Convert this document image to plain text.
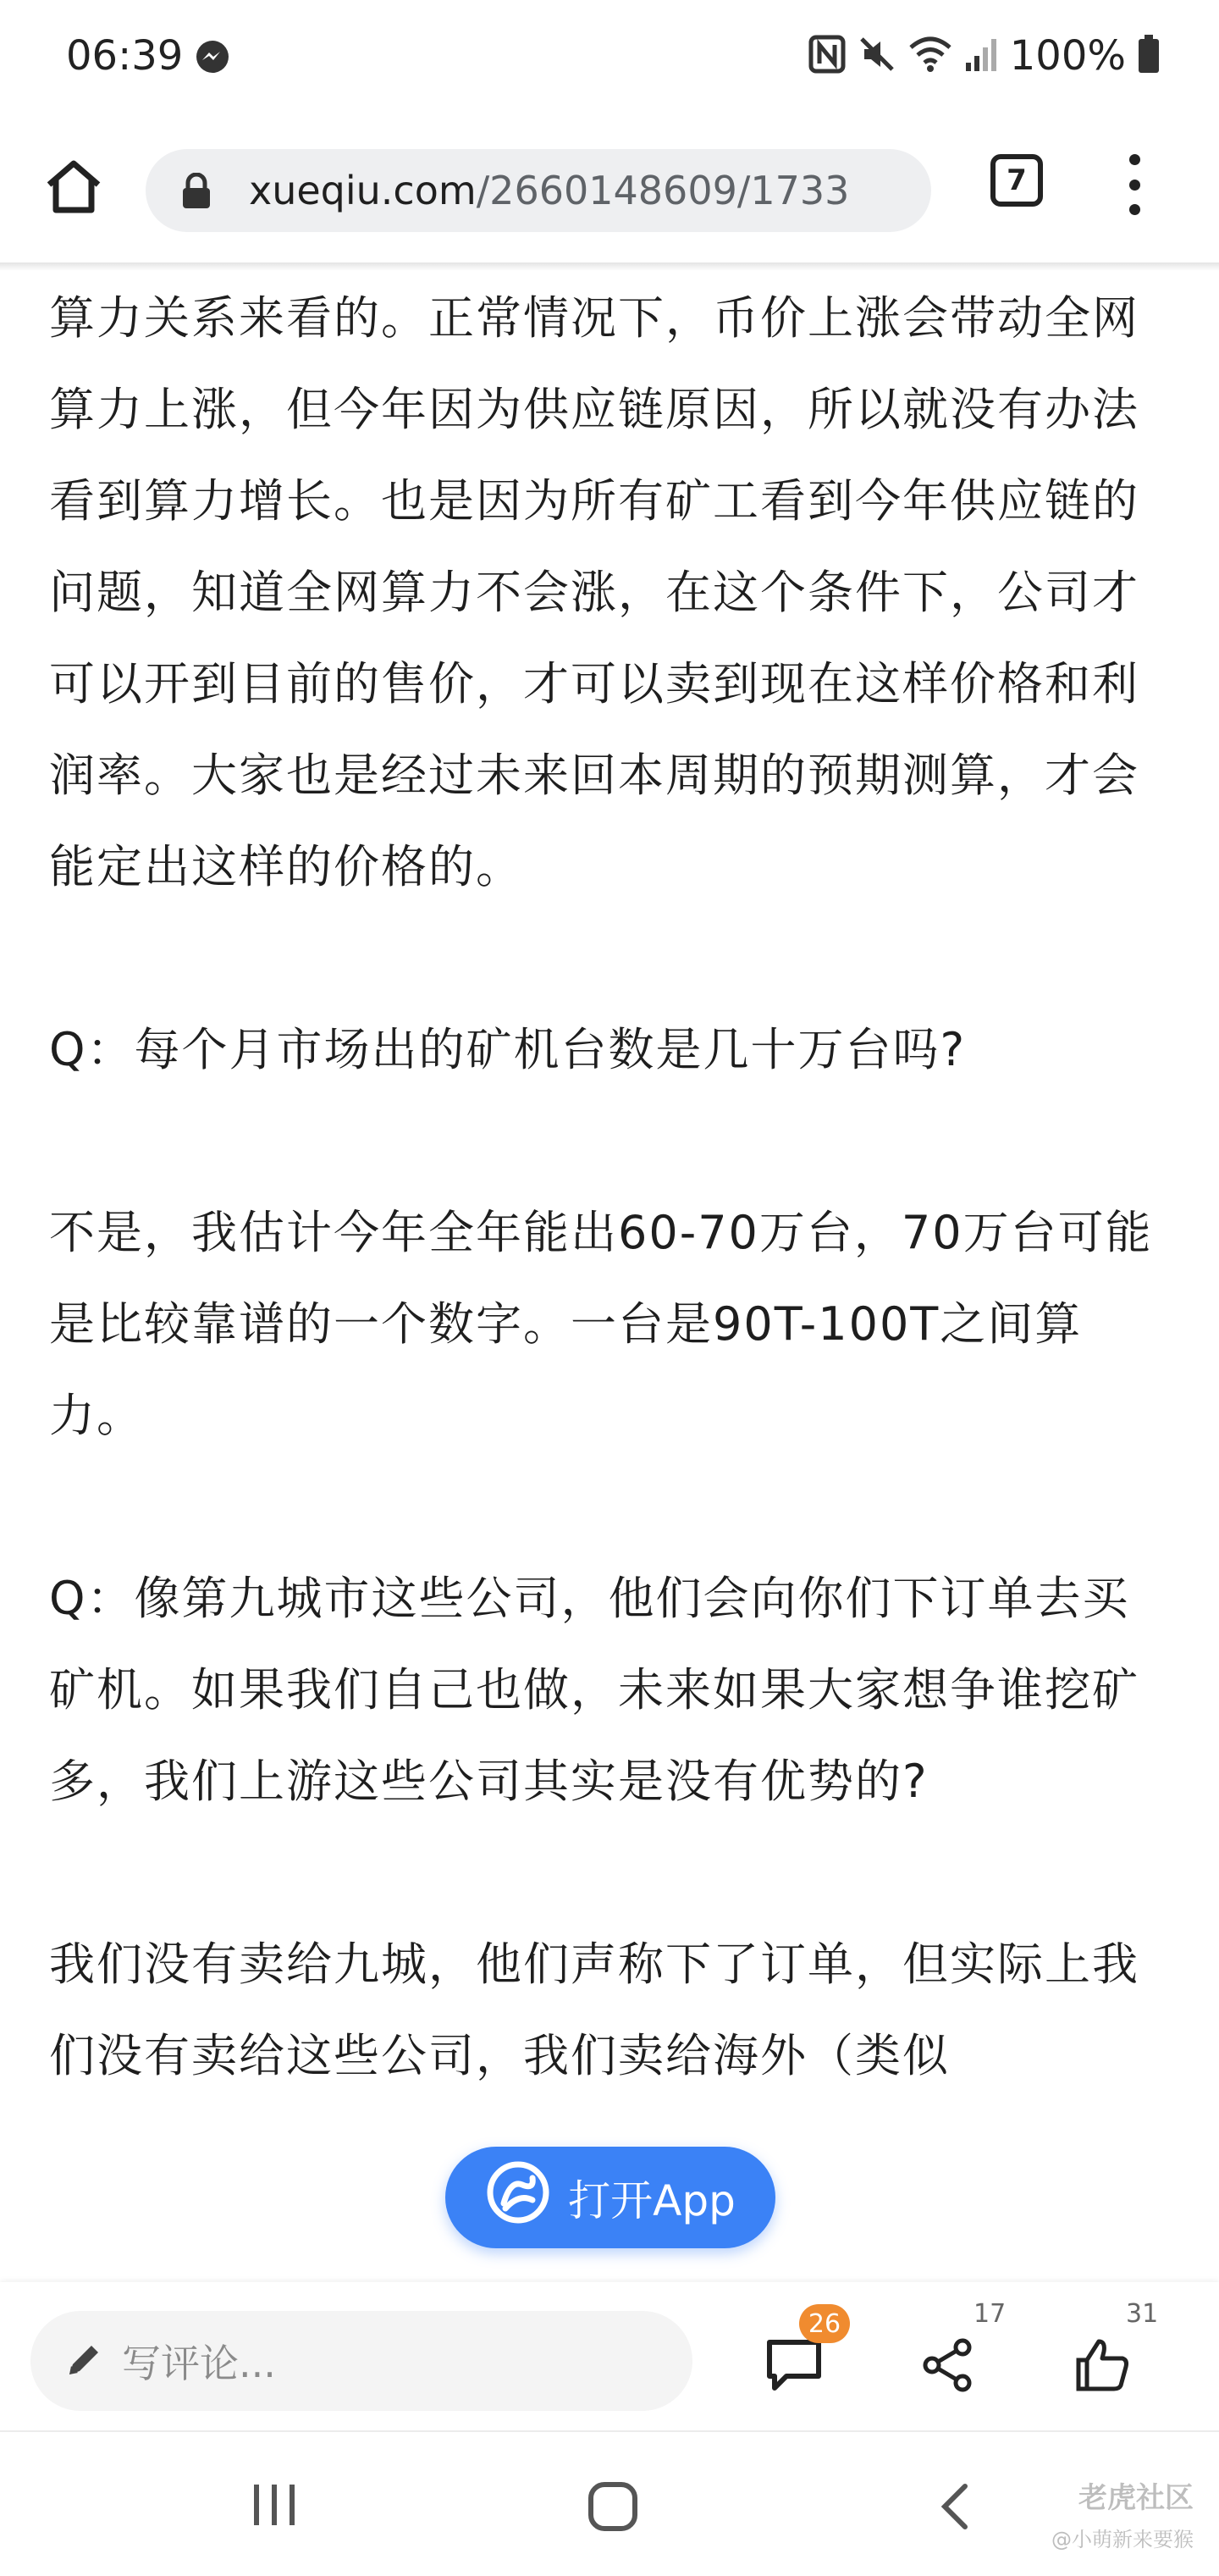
06:39	100%
xueqiu.com/2660148609/1733	7

算力关系来看的。正常情况下，币价上涨会带动全网算力上涨，但今年因为供应链原因，所以就没有办法看到算力增长。也是因为所有矿工看到今年供应链的问题，知道全网算力不会涨，在这个条件下，公司才可以开到目前的售价，才可以卖到现在这样价格和利润率。大家也是经过未来回本周期的预期测算，才会能定出这样的价格的。

Q：每个月市场出的矿机台数是几十万台吗?

不是，我估计今年全年能出60-70万台，70万台可能是比较靠谱的一个数字。一台是90T-100T之间算力。

Q：像第九城市这些公司，他们会向你们下订单去买矿机。如果我们自己也做，未来如果大家想争谁挖矿多，我们上游这些公司其实是没有优势的?

我们没有卖给九城，他们声称下了订单，但实际上我们没有卖给这些公司，我们卖给海外（类似

打开App
写评论...
26	17	31
老虎社区
@小萌新来要猴
